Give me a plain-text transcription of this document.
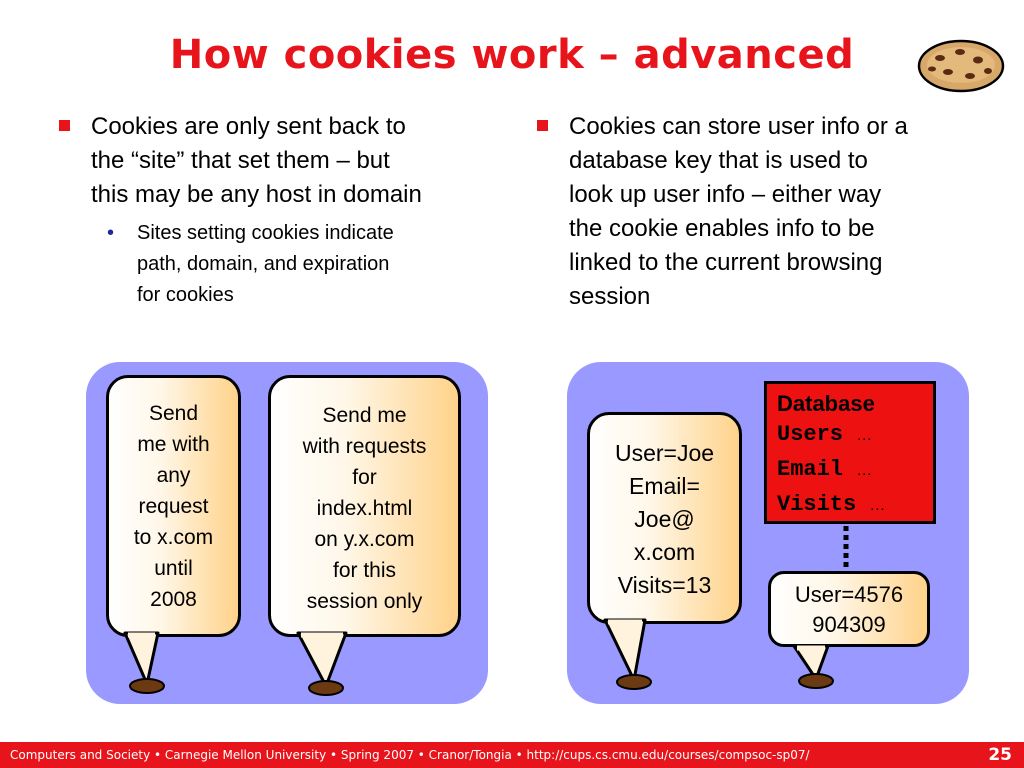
How cookies work – advanced
Cookies are only sent back to
the “site” that set them – but
this may be any host in domain
• Sites setting cookies indicate
path, domain, and expiration
for cookies
Cookies can store user info or a
database key that is used to
look up user info – either way
the cookie enables info to be
linked to the current browsing
session
Send
me with
any
request
to x.com
until
2008
Send me
with requests
for
index.html
on y.x.com
for this
session only
User=Joe
Email=
Joe@
x.com
Visits=13
Database
Users …
Email …
Visits …
User=4576
904309
Computers and Society • Carnegie Mellon University • Spring 2007 • Cranor/Tongia • http://cups.cs.cmu.edu/courses/compsoc-sp07/	25
